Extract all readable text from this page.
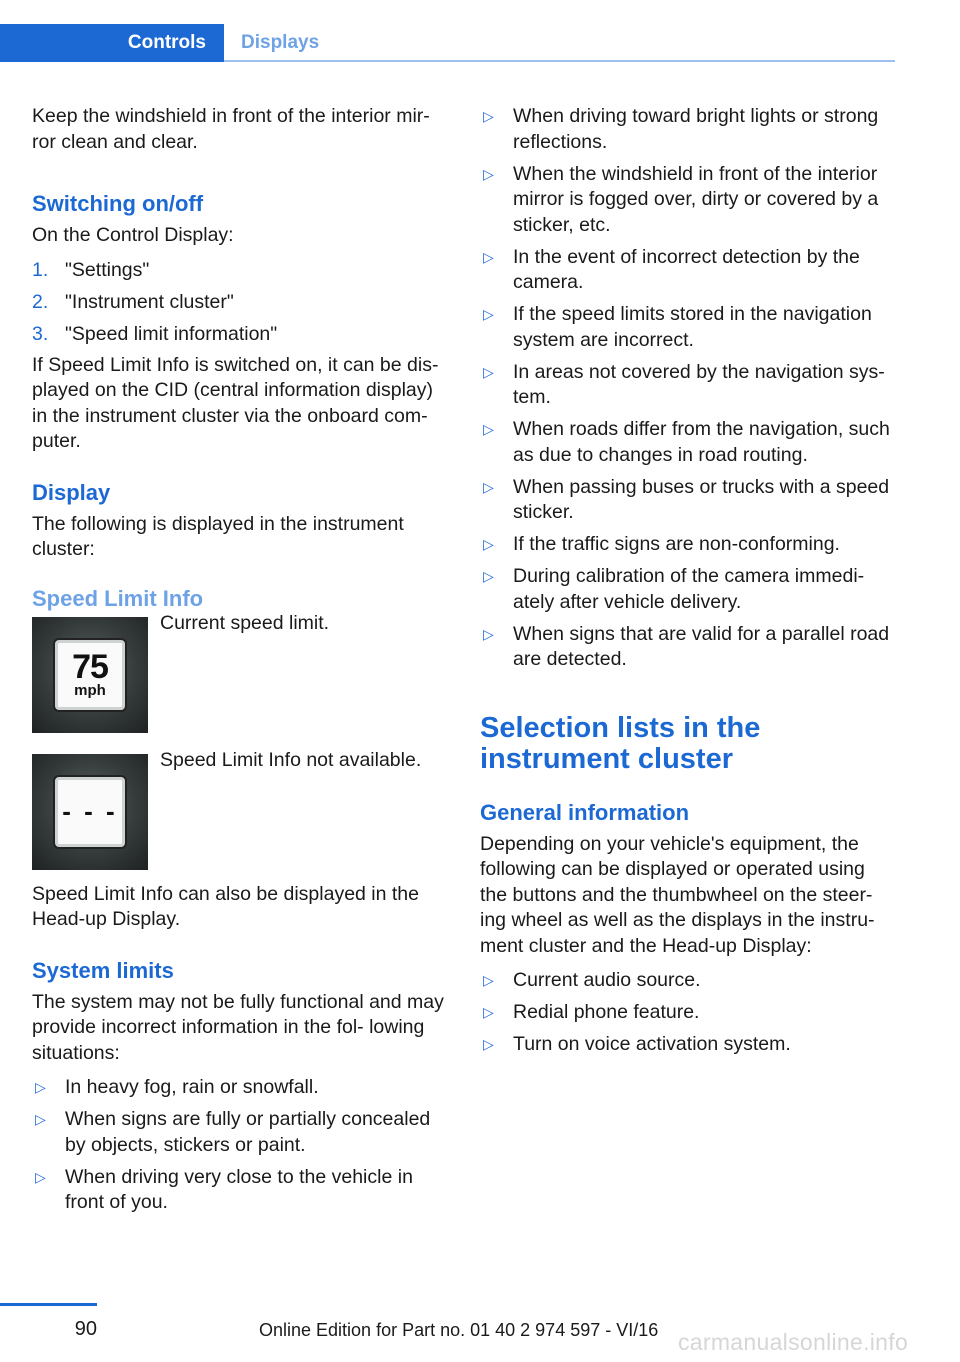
Controls	Displays

Keep the windshield in front of the interior mir‐ ror clean and clear.

Switching on/off

On the Control Display:

1. "Settings"
2. "Instrument cluster"
3. "Speed limit information"

If Speed Limit Info is switched on, it can be dis‐ played on the CID (central information display) in the instrument cluster via the onboard com‐ puter.

Display

The following is displayed in the instrument cluster:

Speed Limit Info
75
mph

Current speed limit.

- - -

Speed Limit Info not available.

Speed Limit Info can also be displayed in the Head-up Display.

System limits

The system may not be fully functional and may provide incorrect information in the fol‐ lowing situations:

▷ In heavy fog, rain or snowfall.
▷ When signs are fully or partially concealed by objects, stickers or paint.
▷ When driving very close to the vehicle in front of you.
▷ When driving toward bright lights or strong reflections.
▷ When the windshield in front of the interior mirror is fogged over, dirty or covered by a sticker, etc.
▷ In the event of incorrect detection by the camera.
▷ If the speed limits stored in the navigation system are incorrect.
▷ In areas not covered by the navigation sys‐ tem.
▷ When roads differ from the navigation, such as due to changes in road routing.
▷ When passing buses or trucks with a speed sticker.
▷ If the traffic signs are non-conforming.
▷ During calibration of the camera immedi‐ ately after vehicle delivery.
▷ When signs that are valid for a parallel road are detected.
Selection lists in the instrument cluster
General information

Depending on your vehicle's equipment, the following can be displayed or operated using the buttons and the thumbwheel on the steer‐ ing wheel as well as the displays in the instru‐ ment cluster and the Head-up Display:

▷ Current audio source.
▷ Redial phone feature.
▷ Turn on voice activation system.
90	Online Edition for Part no. 01 40 2 974 597 - VI/16 carmanualsonline.info
